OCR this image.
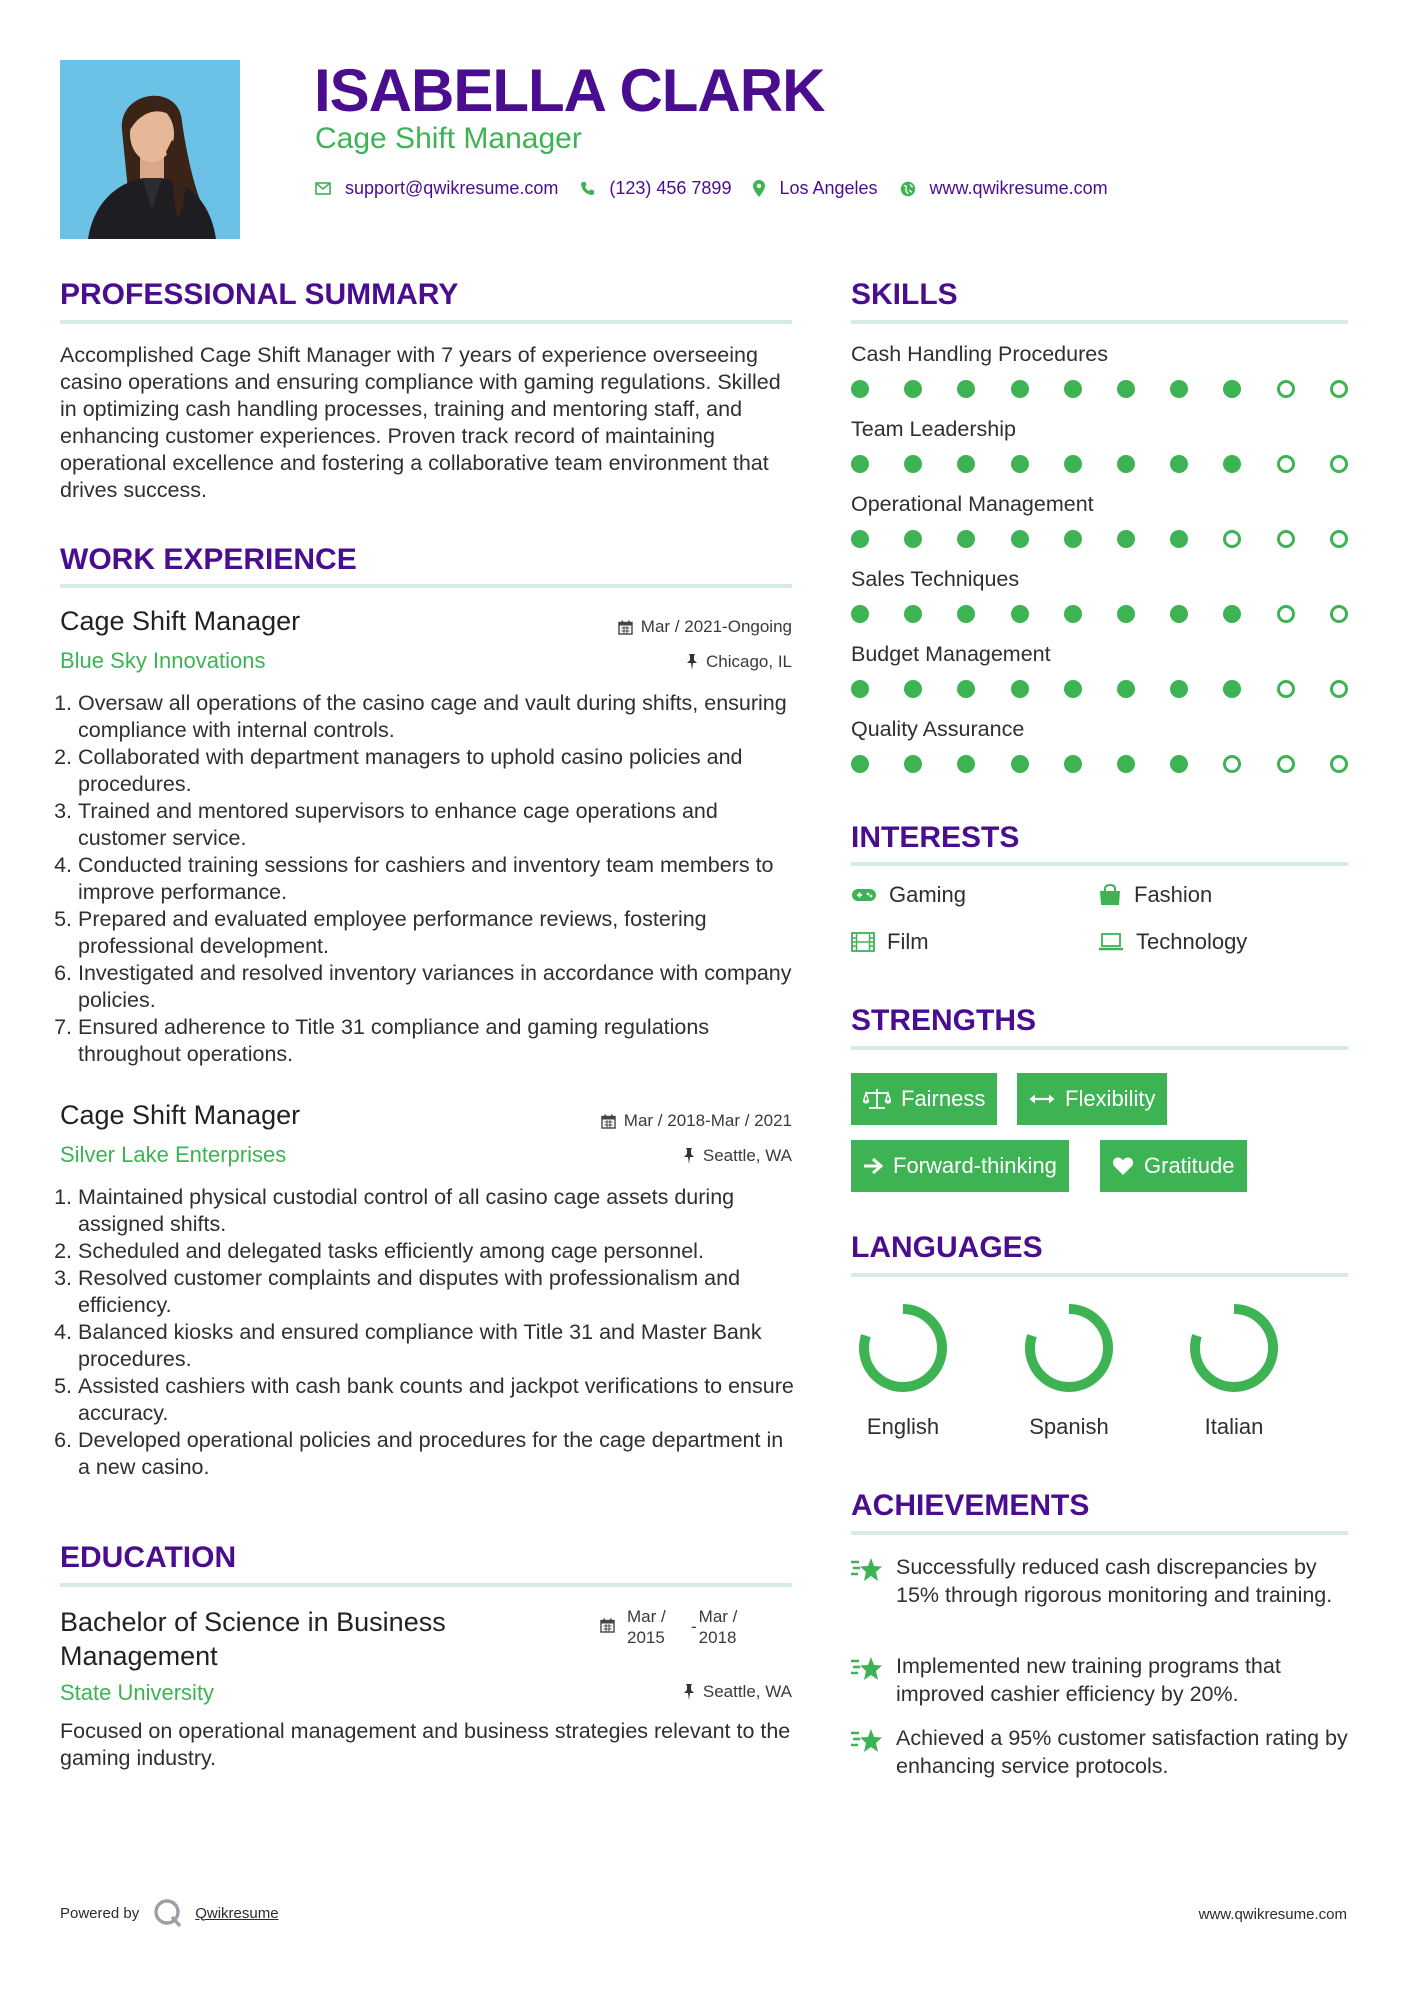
ISABELLA CLARK
Cage Shift Manager
support@qwikresume.com	(123) 456 7899	Los Angeles	www.qwikresume.com
PROFESSIONAL SUMMARY
Accomplished Cage Shift Manager with 7 years of experience overseeing casino operations and ensuring compliance with gaming regulations. Skilled in optimizing cash handling processes, training and mentoring staff, and enhancing customer experiences. Proven track record of maintaining operational excellence and fostering a collaborative team environment that drives success.
WORK EXPERIENCE
Cage Shift Manager	Mar / 2021-Ongoing
Blue Sky Innovations	Chicago, IL
1. Oversaw all operations of the casino cage and vault during shifts, ensuring compliance with internal controls.
2. Collaborated with department managers to uphold casino policies and procedures.
3. Trained and mentored supervisors to enhance cage operations and customer service.
4. Conducted training sessions for cashiers and inventory team members to improve performance.
5. Prepared and evaluated employee performance reviews, fostering professional development.
6. Investigated and resolved inventory variances in accordance with company policies.
7. Ensured adherence to Title 31 compliance and gaming regulations throughout operations.
Cage Shift Manager	Mar / 2018-Mar / 2021
Silver Lake Enterprises	Seattle, WA
1. Maintained physical custodial control of all casino cage assets during assigned shifts.
2. Scheduled and delegated tasks efficiently among cage personnel.
3. Resolved customer complaints and disputes with professionalism and efficiency.
4. Balanced kiosks and ensured compliance with Title 31 and Master Bank procedures.
5. Assisted cashiers with cash bank counts and jackpot verifications to ensure accuracy.
6. Developed operational policies and procedures for the cage department in a new casino.
EDUCATION
Bachelor of Science in Business Management
Mar /
2015
-
Mar /
2018
State University	Seattle, WA
Focused on operational management and business strategies relevant to the gaming industry.
SKILLS
Cash Handling Procedures
Team Leadership
Operational Management
Sales Techniques
Budget Management
Quality Assurance
INTERESTS
Gaming	Fashion
Film	Technology
STRENGTHS
Fairness	Flexibility
Forward-thinking	Gratitude
LANGUAGES
English	Spanish	Italian
ACHIEVEMENTS
Successfully reduced cash discrepancies by 15% through rigorous monitoring and training.
Implemented new training programs that improved cashier efficiency by 20%.
Achieved a 95% customer satisfaction rating by enhancing service protocols.
Powered by	Qwikresume	www.qwikresume.com
